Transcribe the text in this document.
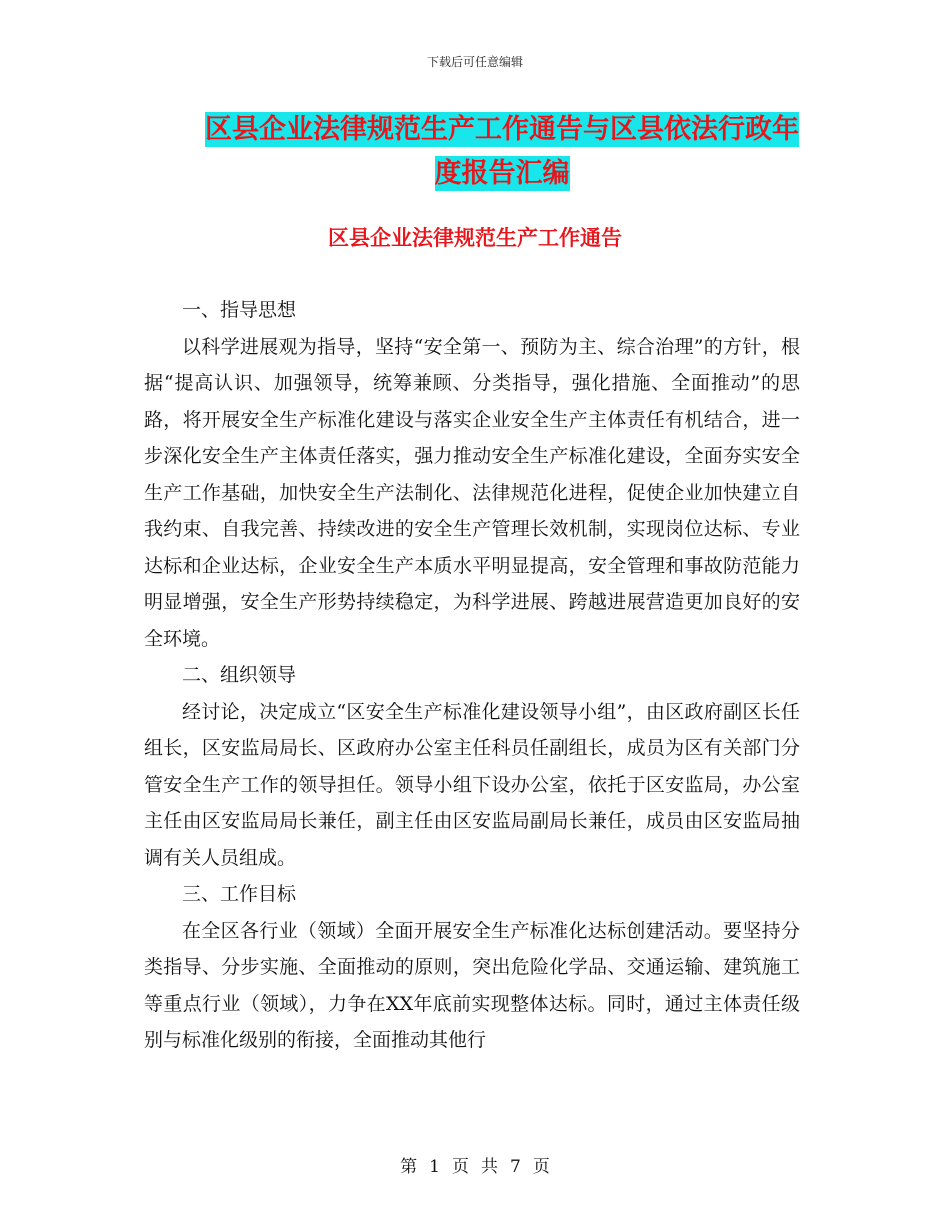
下载后可任意编辑
区县企业法律规范生产工作通告与区县依法行政年度报告汇编
区县企业法律规范生产工作通告

一、指导思想

以科学进展观为指导，坚持“安全第一、预防为主、综合治理”的方针，根据“提高认识、加强领导，统筹兼顾、分类指导，强化措施、全面推动”的思路，将开展安全生产标准化建设与落实企业安全生产主体责任有机结合，进一步深化安全生产主体责任落实，强力推动安全生产标准化建设，全面夯实安全生产工作基础，加快安全生产法制化、法律规范化进程，促使企业加快建立自我约束、自我完善、持续改进的安全生产管理长效机制，实现岗位达标、专业达标和企业达标，企业安全生产本质水平明显提高，安全管理和事故防范能力明显增强，安全生产形势持续稳定，为科学进展、跨越进展营造更加良好的安全环境。

二、组织领导

经讨论，决定成立“区安全生产标准化建设领导小组”，由区政府副区长任组长，区安监局局长、区政府办公室主任科员任副组长，成员为区有关部门分管安全生产工作的领导担任。领导小组下设办公室，依托于区安监局，办公室主任由区安监局局长兼任，副主任由区安监局副局长兼任，成员由区安监局抽调有关人员组成。

三、工作目标

在全区各行业（领域）全面开展安全生产标准化达标创建活动。要坚持分类指导、分步实施、全面推动的原则，突出危险化学品、交通运输、建筑施工等重点行业（领域），力争在XX年底前实现整体达标。同时，通过主体责任级别与标准化级别的衔接，全面推动其他行

第 1 页 共 7 页
